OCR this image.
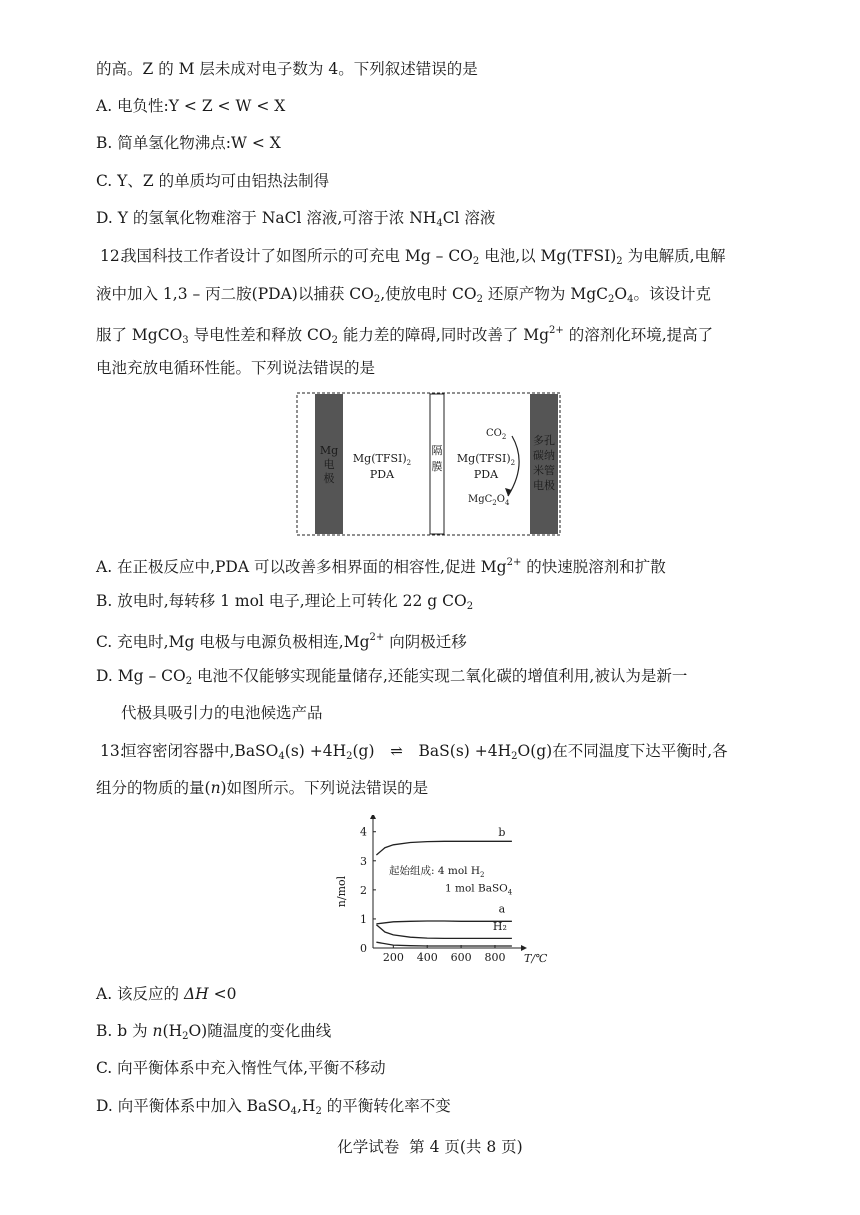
的高。Z 的 M 层未成对电子数为 4。下列叙述错误的是

A. 电负性:Y < Z < W < X

B. 简单氢化物沸点:W < X

C. Y、Z 的单质均可由铝热法制得

D. Y 的氢氧化物难溶于 NaCl 溶液,可溶于浓 $NH_4Cl$ 溶液

12.

我国科技工作者设计了如图所示的可充电 Mg – $CO_2$ 电池,以 $Mg(TFSI)_2$ 为电解质,电解

液中加入 1,3 – 丙二胺(PDA)以捕获 $CO_2$,使放电时 $CO_2$ 还原产物为 $MgC_2O_4$。该设计克

服了 MgCO$_3$ 导电性差和释放 $CO_2$ 能力差的障碍,同时改善了 $Mg^{2+}$ 的溶剂化环境,提高了

电池充放电循环性能。下列说法错误的是

Mg
电
极
$Mg(TFSI)_2$
PDA
隔
膜
$Mg(TFSI)_2$
PDA
$CO_2$
$MgC_2O_4$
多孔
碳纳
米管
电极

A. 在正极反应中,PDA 可以改善多相界面的相容性,促进 $Mg^{2+}$ 的快速脱溶剂和扩散

B. 放电时,每转移 1 mol 电子,理论上可转化 22 g $CO_2$

C. 充电时,Mg 电极与电源负极相连$,Mg^{2+}$ 向阴极迁移

D. Mg – $CO_2$ 电池不仅能够实现能量储存,还能实现二氧化碳的增值利用,被认为是新一

代极具吸引力的电池候选产品

13.

恒容密闭容器中,BaSO$_4$(s) $+4H_2(g)$ ⇌ $BaS(s) +4H_2O(g)$在不同温度下达平衡时,各

组分的物质的量(n)如图所示。下列说法错误的是

200 400 600 800
0
1
2
3
4
T/℃
n/mol
b
a
H₂
起始组成: 4 mol $H_2$
1 mol BaSO$_4$

A. 该反应的 ΔH <0

B. b 为 $n(H_2O)$随温度的变化曲线

C. 向平衡体系中充入惰性气体,平衡不移动

D. 向平衡体系中加入 $BaSO_4,H_2$ 的平衡转化率不变

化学试卷 第 4 页(共 8 页)
